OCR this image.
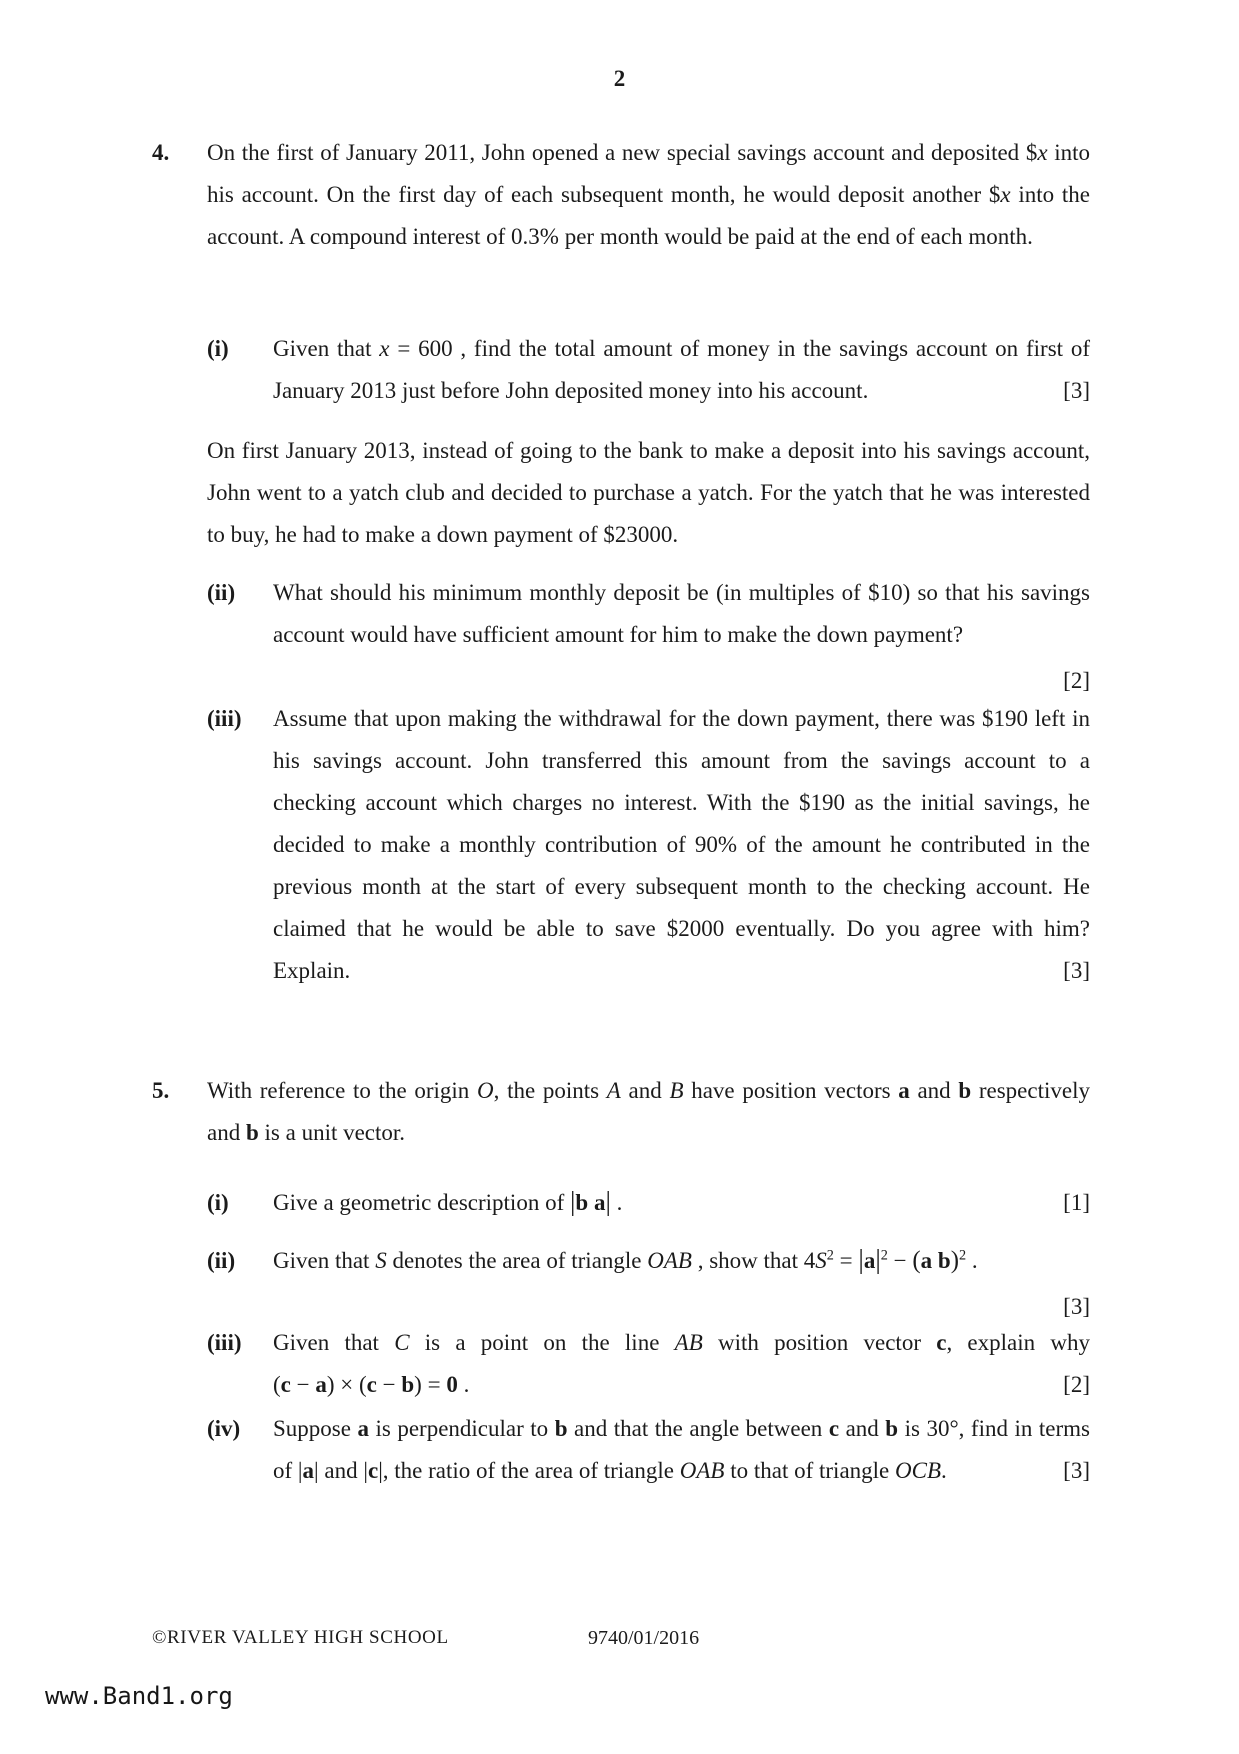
2
4.	On the first of January 2011, John opened a new special savings account and deposited $x into his account. On the first day of each subsequent month, he would deposit another $x into the account. A compound interest of 0.3% per month would be paid at the end of each month.
(i)	Given that x = 600 , find the total amount of money in the savings account on first of January 2013 just before John deposited money into his account.	[3]
On first January 2013, instead of going to the bank to make a deposit into his savings account, John went to a yatch club and decided to purchase a yatch. For the yatch that he was interested to buy, he had to make a down payment of $23000.
(ii)	What should his minimum monthly deposit be (in multiples of $10) so that his savings account would have sufficient amount for him to make the down payment?
[2]
(iii)	Assume that upon making the withdrawal for the down payment, there was $190 left in his savings account. John transferred this amount from the savings account to a checking account which charges no interest. With the $190 as the initial savings, he decided to make a monthly contribution of 90% of the amount he contributed in the previous month at the start of every subsequent month to the checking account. He claimed that he would be able to save $2000 eventually. Do you agree with him? Explain.	[3]
5.	With reference to the origin O, the points A and B have position vectors a and b respectively and b is a unit vector.
(i)	Give a geometric description of |b a| .	[1]
(ii)	Given that S denotes the area of triangle OAB , show that $4S^2 = |a|^2 - (a$ b)$^2$ .
[3]
(iii)	Given that C is a point on the line AB with position vector c, explain why
(c − a) × (c − b) = 0 .	[2]
(iv)	Suppose a is perpendicular to b and that the angle between c and b is 30°, find in terms of |a| and |c|, the ratio of the area of triangle OAB to that of triangle OCB.	[3]
©RIVER VALLEY HIGH SCHOOL	9740/01/2016
www.Band1.org
